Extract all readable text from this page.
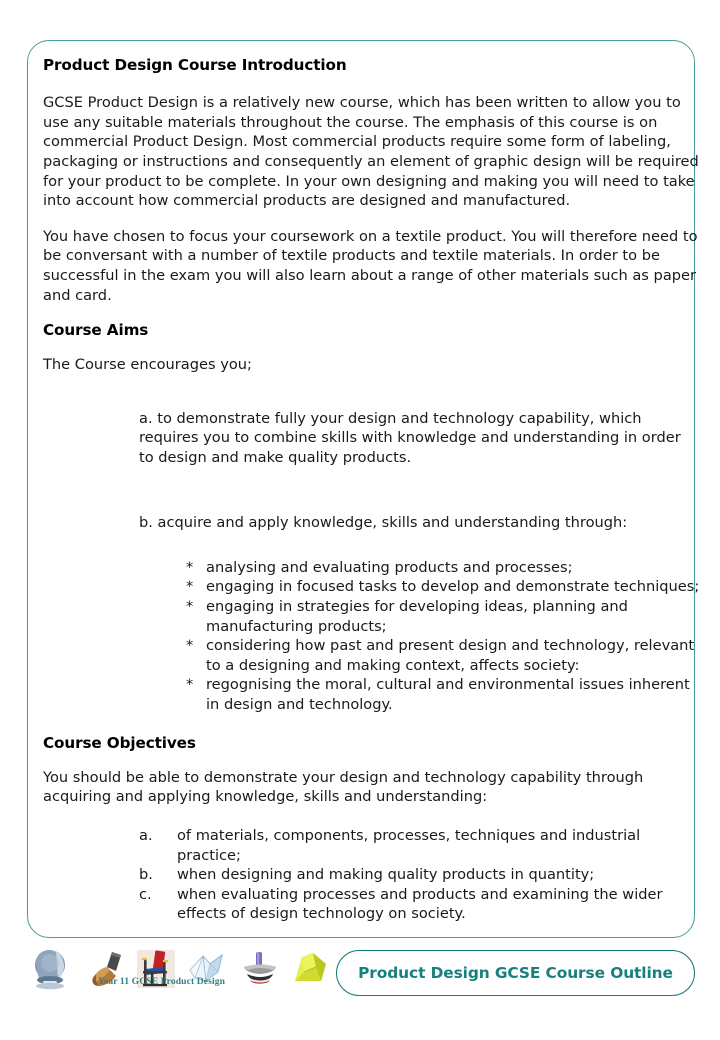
Product Design Course Introduction

GCSE Product Design is a relatively new course, which has been written to allow you to use any suitable materials throughout the course. The emphasis of this course is on commercial Product Design. Most commercial products require some form of labeling, packaging or instructions and consequently an element of graphic design will be required for your product to be complete. In your own designing and making you will need to take into account how commercial products are designed and manufactured.

You have chosen to focus your coursework on a textile product. You will therefore need to be conversant with a number of textile products and textile materials. In order to be successful in the exam you will also learn about a range of other materials such as paper and card.

Course Aims

The Course encourages you;

a. to demonstrate fully your design and technology capability, which requires you to combine skills with knowledge and understanding in order to design and make quality products.

b. acquire and apply knowledge, skills and understanding through:

* analysing and evaluating products and processes;
* engaging in focused tasks to develop and demonstrate techniques;
* engaging in strategies for developing ideas, planning and manufacturing products;
* considering how past and present design and technology, relevant to a designing and making context, affects society:
* regognising the moral, cultural and environmental issues inherent in design and technology.

Course Objectives

You should be able to demonstrate your design and technology capability through acquiring and applying knowledge, skills and understanding:

a.	of materials, components, processes, techniques and industrial practice;
b.	when designing and making quality products in quantity;
c.	when evaluating processes and products and examining the wider effects of design technology on society.
Year 11 GCSE Product Design	Product Design GCSE Course Outline
